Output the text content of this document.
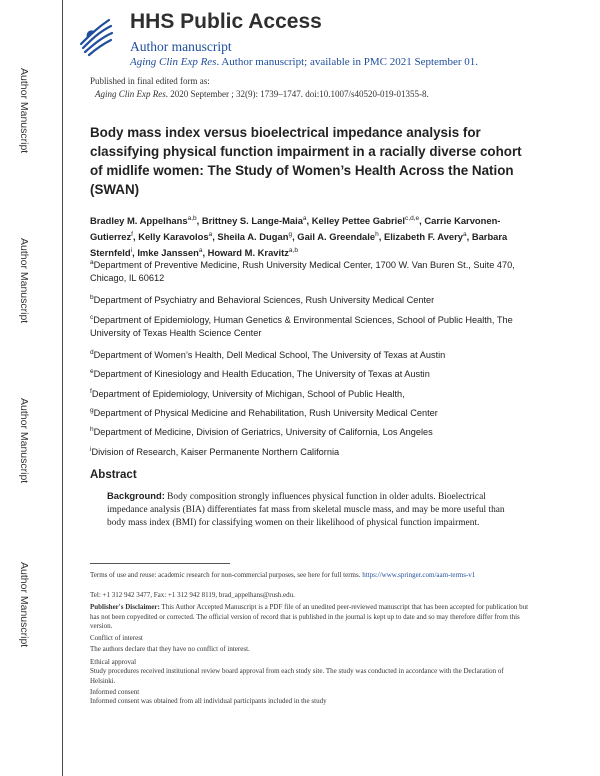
Author Manuscript
Author Manuscript
Author Manuscript
Author Manuscript
HHS Public Access
Author manuscript
Aging Clin Exp Res. Author manuscript; available in PMC 2021 September 01.
Published in final edited form as:
Aging Clin Exp Res. 2020 September ; 32(9): 1739–1747. doi:10.1007/s40520-019-01355-8.
Body mass index versus bioelectrical impedance analysis for classifying physical function impairment in a racially diverse cohort of midlife women: The Study of Women’s Health Across the Nation (SWAN)
Bradley M. Appelhans$^{a,b}$, Brittney S. Lange-Maia$^a$, Kelley Pettee Gabriel$^{c,d,e}$, Carrie Karvonen-Gutierrez$^f$, Kelly Karavolos$^a$, Sheila A. Dugan$^g$, Gail A. Greendale$^h$, Elizabeth F. Avery$^a$, Barbara Sternfeld$^i$, Imke Janssen$^a$, Howard M. Kravitz$^{a,b}$
$^a$Department of Preventive Medicine, Rush University Medical Center, 1700 W. Van Buren St., Suite 470, Chicago, IL 60612
$^b$Department of Psychiatry and Behavioral Sciences, Rush University Medical Center
$^c$Department of Epidemiology, Human Genetics & Environmental Sciences, School of Public Health, The University of Texas Health Science Center
$^d$Department of Women’s Health, Dell Medical School, The University of Texas at Austin
$^e$Department of Kinesiology and Health Education, The University of Texas at Austin
$^f$Department of Epidemiology, University of Michigan, School of Public Health,
$^g$Department of Physical Medicine and Rehabilitation, Rush University Medical Center
$^h$Department of Medicine, Division of Geriatrics, University of California, Los Angeles
$^i$Division of Research, Kaiser Permanente Northern California
Abstract
Background: Body composition strongly influences physical function in older adults. Bioelectrical impedance analysis (BIA) differentiates fat mass from skeletal muscle mass, and may be more useful than body mass index (BMI) for classifying women on their likelihood of physical function impairment.
Terms of use and reuse: academic research for non-commercial purposes, see here for full terms. https://www.springer.com/aam-terms-v1
Tel: +1 312 942 3477, Fax: +1 312 942 8119, brad_appelhans@rush.edu.
Publisher's Disclaimer: This Author Accepted Manuscript is a PDF file of an unedited peer-reviewed manuscript that has been accepted for publication but has not been copyedited or corrected. The official version of record that is published in the journal is kept up to date and so may therefore differ from this version.
Conflict of interest
The authors declare that they have no conflict of interest.
Ethical approval
Study procedures received institutional review board approval from each study site. The study was conducted in accordance with the Declaration of Helsinki.
Informed consent
Informed consent was obtained from all individual participants included in the study
